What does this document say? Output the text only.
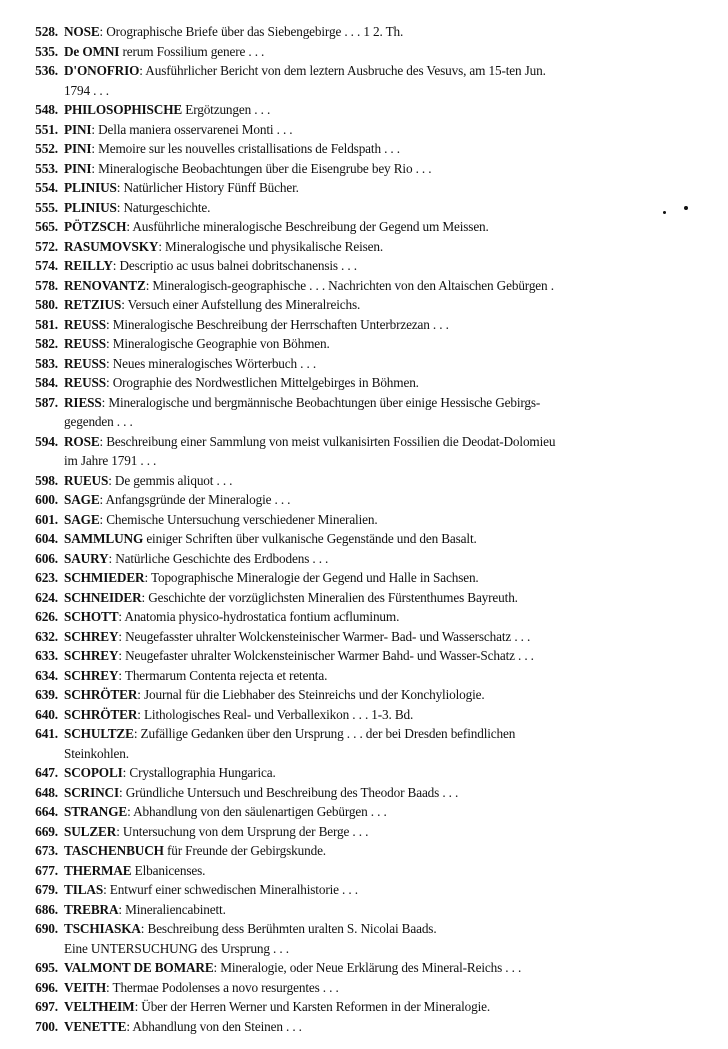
528. NOSE: Orographische Briefe über das Siebengebirge . . . 1 2. Th.
535. De OMNI rerum Fossilium genere . . .
536. D'ONOFRIO: Ausführlicher Bericht von dem leztern Ausbruche des Vesuvs, am 15-ten Jun.
1794 . . .
548. PHILOSOPHISCHE Ergötzungen . . .
551. PINI: Della maniera osservarenei Monti . . .
552. PINI: Memoire sur les nouvelles cristallisations de Feldspath . . .
553. PINI: Mineralogische Beobachtungen über die Eisengrube bey Rio . . .
554. PLINIUS: Natürlicher History Fünff Bücher.
555. PLINIUS: Naturgeschichte.
565. PÖTZSCH: Ausführliche mineralogische Beschreibung der Gegend um Meissen.
572. RASUMOVSKY: Mineralogische und physikalische Reisen.
574. REILLY: Descriptio ac usus balnei dobritschanensis . . .
578. RENOVANTZ: Mineralogisch-geographische . . . Nachrichten von den Altaischen Gebürgen .
580. RETZIUS: Versuch einer Aufstellung des Mineralreichs.
581. REUSS: Mineralogische Beschreibung der Herrschaften Unterbrzezan . . .
582. REUSS: Mineralogische Geographie von Böhmen.
583. REUSS: Neues mineralogisches Wörterbuch . . .
584. REUSS: Orographie des Nordwestlichen Mittelgebirges in Böhmen.
587. RIESS: Mineralogische und bergmännische Beobachtungen über einige Hessische Gebirgs-
gegenden . . .
594. ROSE: Beschreibung einer Sammlung von meist vulkanisirten Fossilien die Deodat-Dolomieu
im Jahre 1791 . . .
598. RUEUS: De gemmis aliquot . . .
600. SAGE: Anfangsgründe der Mineralogie . . .
601. SAGE: Chemische Untersuchung verschiedener Mineralien.
604. SAMMLUNG einiger Schriften über vulkanische Gegenstände und den Basalt.
606. SAURY: Natürliche Geschichte des Erdbodens . . .
623. SCHMIEDER: Topographische Mineralogie der Gegend und Halle in Sachsen.
624. SCHNEIDER: Geschichte der vorzüglichsten Mineralien des Fürstenthumes Bayreuth.
626. SCHOTT: Anatomia physico-hydrostatica fontium acfluminum.
632. SCHREY: Neugefasster uhralter Wolckensteinischer Warmer- Bad- und Wasserschatz . . .
633. SCHREY: Neugefaster uhralter Wolckensteinischer Warmer Bahd- und Wasser-Schatz . . .
634. SCHREY: Thermarum Contenta rejecta et retenta.
639. SCHRÖTER: Journal für die Liebhaber des Steinreichs und der Konchyliologie.
640. SCHRÖTER: Lithologisches Real- und Verballexikon . . . 1-3. Bd.
641. SCHULTZE: Zufällige Gedanken über den Ursprung . . . der bei Dresden befindlichen
Steinkohlen.
647. SCOPOLI: Crystallographia Hungarica.
648. SCRINCI: Gründliche Untersuch und Beschreibung des Theodor Baads . . .
664. STRANGE: Abhandlung von den säulenartigen Gebürgen . . .
669. SULZER: Untersuchung von dem Ursprung der Berge . . .
673. TASCHENBUCH für Freunde der Gebirgskunde.
677. THERMAE Elbanicenses.
679. TILAS: Entwurf einer schwedischen Mineralhistorie . . .
686. TREBRA: Mineraliencabinett.
690. TSCHIASKA: Beschreibung dess Berühmten uralten S. Nicolai Baads.
Eine UNTERSUCHUNG des Ursprung . . .
695. VALMONT DE BOMARE: Mineralogie, oder Neue Erklärung des Mineral-Reichs . . .
696. VEITH: Thermae Podolenses a novo resurgentes . . .
697. VELTHEIM: Über der Herren Werner und Karsten Reformen in der Mineralogie.
700. VENETTE: Abhandlung von den Steinen . . .
